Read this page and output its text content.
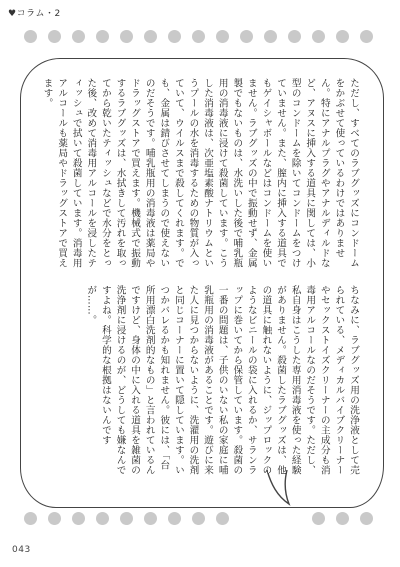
♥コラム・2
ただし、すべてのラブグッズにコンドームをかぶせて使っているわけではありません。特にアナルプラグやアナルディルドなど、アヌスに挿入する道具に関しては、小型のコンドームを除いてコンドームをつけていません。また、膣内に挿入する道具でもゲイシャボールなどはコンドームを使いません。ラブグッズの中で振動せず、金属製でもないものは、水洗いした後で哺乳瓶用の消毒液に浸けて殺菌しています。こうした消毒液は、次亜塩素酸ナトリウムというプールの水を消毒するための物質が入っていて、ウイルスまで殺してくれます。でも、金属は錆びさせてしまうので使えないのだそうです。哺乳瓶用の消毒液は薬局やドラッグストアで買えます。機械式で振動するラブグッズは、水拭きして汚れを取ってから乾いたティッシュなどで水分をとった後、改めて消毒用アルコールを浸したティッシュで拭いて殺菌しています。消毒用アルコールも薬局やドラッグストアで買えます。
ちなみに、ラブグッズ用の洗浄液として売られている、メディカルバイブクリーナーやセックストイズクリーナーの主成分も消毒用アルコールなのだそうです。ただし、私自身はこうした専用消毒液を使った経験がありません。殺菌したラブグッズは、他の道具に触れないように、ジップロックのようなビニールの袋に入れるか、サランラップに巻いてから保管しています。殺菌の一番の問題は、子供のいない私の家庭に哺乳瓶用の消毒液があることです。遊びに来た人に見つからないように、洗濯用の洗剤と同じコーナーに置いて隠しています。いつかバレるかも知れません。彼には、「台所用漂白洗剤的なもの」と言われているんですけど、身体の中に入れる道具を雑菌の洗浄剤に浸けるのが、どうしても嫌なんですよね。科学的な根拠はないんですが……。
043
